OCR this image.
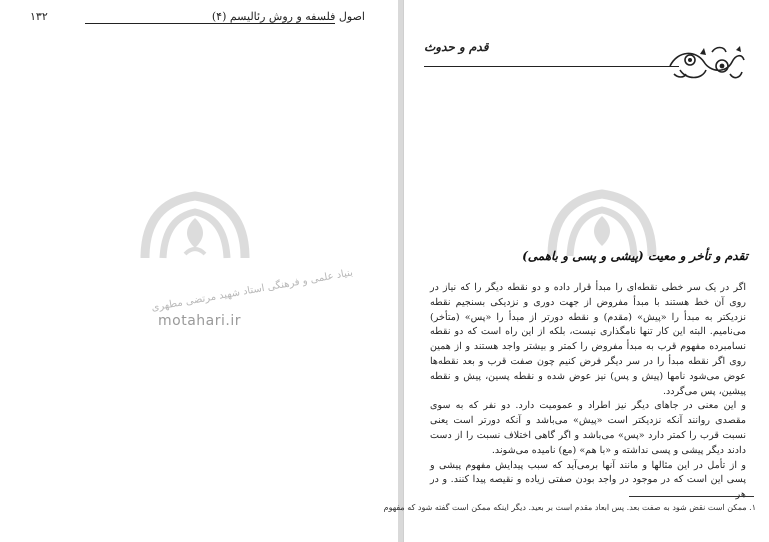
۱۳۲	اصول فلسفه و روش رئالیسم (۴)
بنیاد علمی و فرهنگی استاد شهید مرتضی مطهری
motahari.ir
قدم و حدوث
تقدم و تأخر و معیت (پیشی و پسی و باهمی)

اگر در یک سر خطی نقطه‌ای را مبدأ قرار داده و دو نقطه دیگر را که نیاز در روی آن خط هستند با مبدأ مفروض از جهت دوری و نزدیکی بسنجیم نقطه نزدیکتر به مبدأ را «پیش» (مقدم) و نقطه دورتر از مبدأ را «پس» (متأخر) می‌نامیم. البته این کار تنها نامگذاری نیست، بلکه از این راه است که دو نقطه نسامبرده مفهوم قرب به مبدأ مفروض را کمتر و بیشتر واجد هستند و از همین روی اگر نقطه مبدأ را در سر دیگر فرض کنیم چون صفت قرب و بعد نقطه‌ها عوض می‌شود نامها (پیش و پس) نیز عوض شده و نقطه پسین، پیش و نقطه پیشین، پس می‌گردد.

و این معنی در جاهای دیگر نیز اطراد و عمومیت دارد. دو نفر که به سوی مقصدی روانند آنکه نزدیکتر است «پیش» می‌باشد و آنکه دورتر است یعنی نسبت قرب را کمتر دارد «پس» می‌باشد و اگر گاهی اختلاف نسبت را از دست دادند دیگر پیشی و پسی نداشته و «با هم» (مع) نامیده می‌شوند.

و از تأمل در این مثالها و مانند آنها برمی‌آید که سبب پیدایش مفهوم پیشی و پسی این است که در موجود در واجد بودن صفتی زیاده و نقیصه پیدا کنند. و در هر

۱. ممکن است نقض شود به صفت بعد. پس ابعاد مقدم است بر بعید. دیگر اینکه ممکن است گفته شود که مفهوم
